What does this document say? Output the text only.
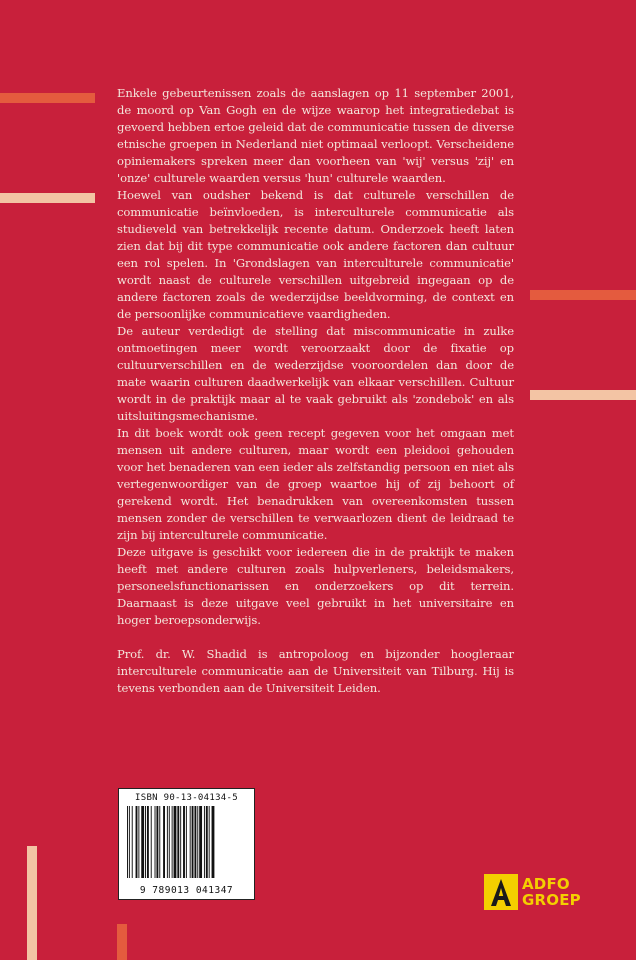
Enkele gebeurtenissen zoals de aanslagen op 11 september 2001, de moord op Van Gogh en de wijze waarop het integratiedebat is gevoerd hebben ertoe geleid dat de communicatie tussen de diverse etnische groepen in Nederland niet optimaal verloopt. Verscheidene opiniemakers spreken meer dan voorheen van 'wij' versus 'zij' en 'onze' culturele waarden versus 'hun' culturele waarden.

Hoewel van oudsher bekend is dat culturele verschillen de communicatie beïnvloeden, is interculturele communicatie als studieveld van betrekkelijk recente datum. Onderzoek heeft laten zien dat bij dit type communicatie ook andere factoren dan cultuur een rol spelen. In 'Grondslagen van interculturele communicatie' wordt naast de culturele verschillen uitgebreid ingegaan op de andere factoren zoals de wederzijdse beeldvorming, de context en de persoonlijke communicatieve vaardigheden.

De auteur verdedigt de stelling dat miscommunicatie in zulke ontmoetingen meer wordt veroorzaakt door de fixatie op cultuurverschillen en de wederzijdse vooroordelen dan door de mate waarin culturen daadwerkelijk van elkaar verschillen. Cultuur wordt in de praktijk maar al te vaak gebruikt als 'zondebok' en als uitsluitingsmechanisme.

In dit boek wordt ook geen recept gegeven voor het omgaan met mensen uit andere culturen, maar wordt een pleidooi gehouden voor het benaderen van een ieder als zelfstandig persoon en niet als vertegenwoordiger van de groep waartoe hij of zij behoort of gerekend wordt. Het benadrukken van overeenkomsten tussen mensen zonder de verschillen te verwaarlozen dient de leidraad te zijn bij interculturele communicatie.

Deze uitgave is geschikt voor iedereen die in de praktijk te maken heeft met andere culturen zoals hulpverleners, beleidsmakers, personeelsfunctionarissen en onderzoekers op dit terrein. Daarnaast is deze uitgave veel gebruikt in het universitaire en hoger beroepsonderwijs.

Prof. dr. W. Shadid is antropoloog en bijzonder hoogleraar interculturele communicatie aan de Universiteit van Tilburg. Hij is tevens verbonden aan de Universiteit Leiden.

ISBN 90-13-04134-5
9 789013 041347	ADFO
GROEP
